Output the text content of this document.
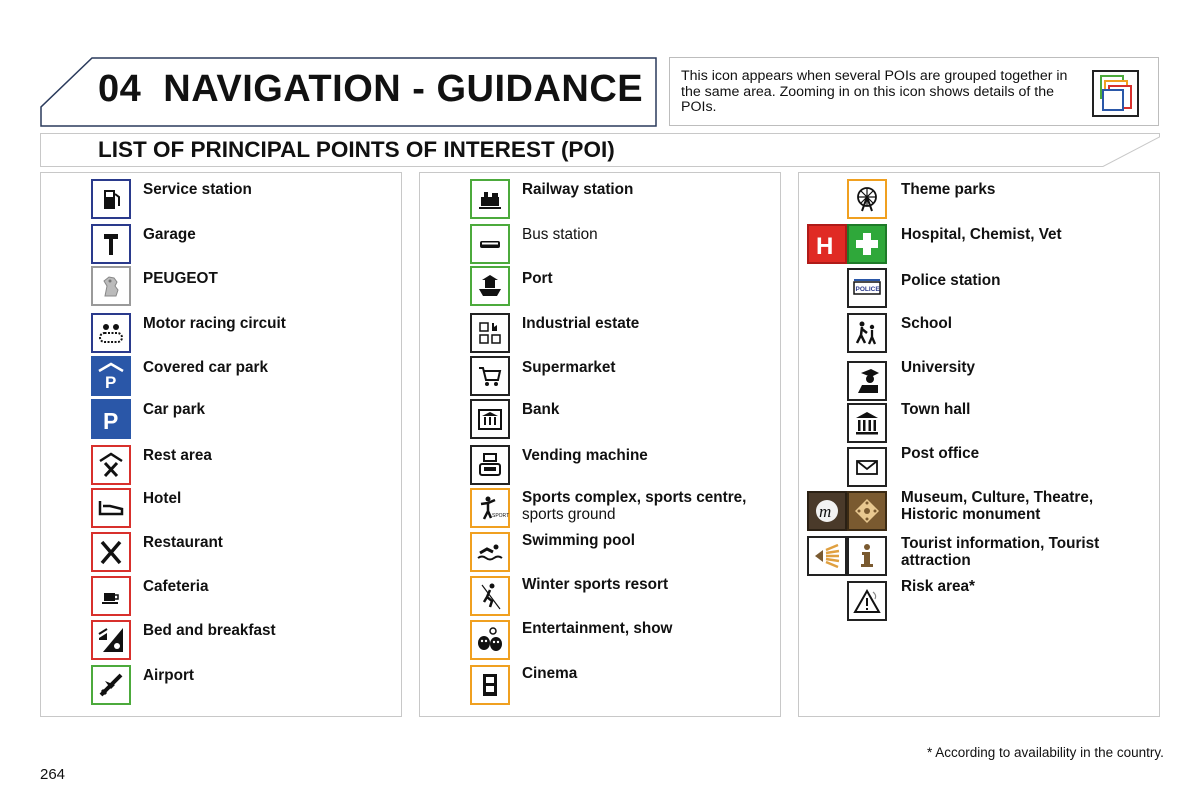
04 NAVIGATION - GUIDANCE	This icon appears when several POIs are grouped together in the same area. Zooming in on this icon shows details of the POIs.
LIST OF PRINCIPAL POINTS OF INTEREST (POI)
Service station
Garage
PEUGEOT
Motor racing circuit
P
Covered car park
P Car park
Rest area
Hotel
Restaurant
Cafeteria
Bed and breakfast
Airport
Railway station
Bus station
Port
Industrial estate
Supermarket
Bank
Vending machine
SPORT
Sports complex, sports centre,
sports ground
Swimming pool
Winter sports resort
Entertainment, show
Cinema
Theme parks
H	Hospital, Chemist, Vet
POLICE
Police station
School
University
Town hall
Post office
m
Museum, Culture, Theatre,
Historic monument
Tourist information, Tourist
attraction
Risk area*
* According to availability in the country.
264
